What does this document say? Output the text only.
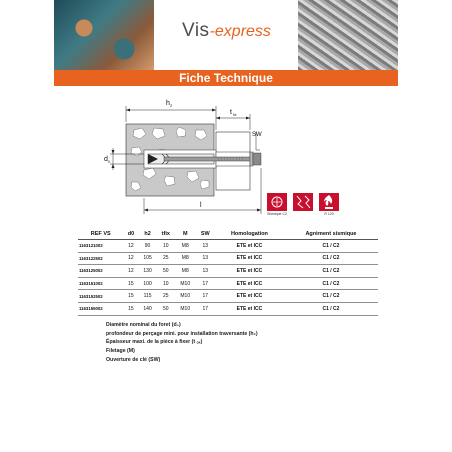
Vis-express
Fiche Technique
h 2
t fix
SW
d 0
l
Sismique C2	R 120
REF VS	d0	h2	tfix	M	SW	Homologation	Agrément sismique
1163121002	12	90	10	M8	13	ETE et ICC	C1 / C2
1163122502	12	105	25	M8	13	ETE et ICC	C1 / C2
1163125002	12	130	50	M8	13	ETE et ICC	C1 / C2
1163151002	15	100	10	M10	17	ETE et ICC	C1 / C2
1163152502	15	115	25	M10	17	ETE et ICC	C1 / C2
1163155002	15	140	50	M10	17	ETE et ICC	C1 / C2
Diamètre nominal du foret (d₀)
profondeur de perçage mini. pour installation traversante (h₂)
Épaisseur maxi. de la pièce à fixer (t ₒₓ)
Filetage (M)
Ouverture de clé (SW)
